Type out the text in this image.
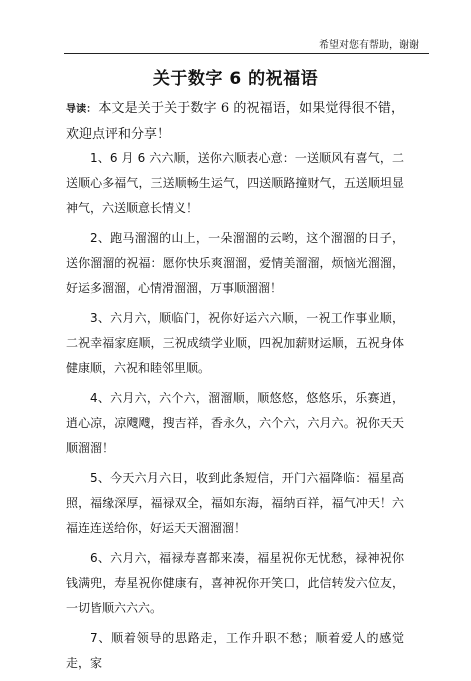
希望对您有帮助，谢谢
关于数字 6 的祝福语
导读： 本文是关于关于数字 6 的祝福语，如果觉得很不错，欢迎点评和分享！

1、6 月 6 六六顺，送你六顺表心意：一送顺风有喜气，二送顺心多福气，三送顺畅生运气，四送顺路撞财气，五送顺坦显神气，六送顺意长情义！

2、跑马溜溜的山上，一朵溜溜的云哟，这个溜溜的日子，送你溜溜的祝福：愿你快乐爽溜溜，爱情美溜溜，烦恼光溜溜，好运多溜溜，心情滑溜溜，万事顺溜溜！

3、六月六，顺临门，祝你好运六六顺，一祝工作事业顺，二祝幸福家庭顺，三祝成绩学业顺，四祝加薪财运顺，五祝身体健康顺，六祝和睦邻里顺。

4、六月六，六个六，溜溜顺，顺悠悠，悠悠乐，乐赛逍，逍心凉，凉飕飕，搜吉祥，香永久，六个六，六月六。祝你天天顺溜溜！

5、今天六月六日，收到此条短信，开门六福降临：福星高照，福缘深厚，福禄双全，福如东海，福纳百祥，福气冲天！六福连连送给你，好运天天溜溜溜！

6、六月六，福禄寿喜都来凑，福星祝你无忧愁，禄神祝你钱满兜，寿星祝你健康有，喜神祝你开笑口，此信转发六位友，一切皆顺六六六。

7、顺着领导的思路走，工作升职不愁；顺着爱人的感觉走，家
